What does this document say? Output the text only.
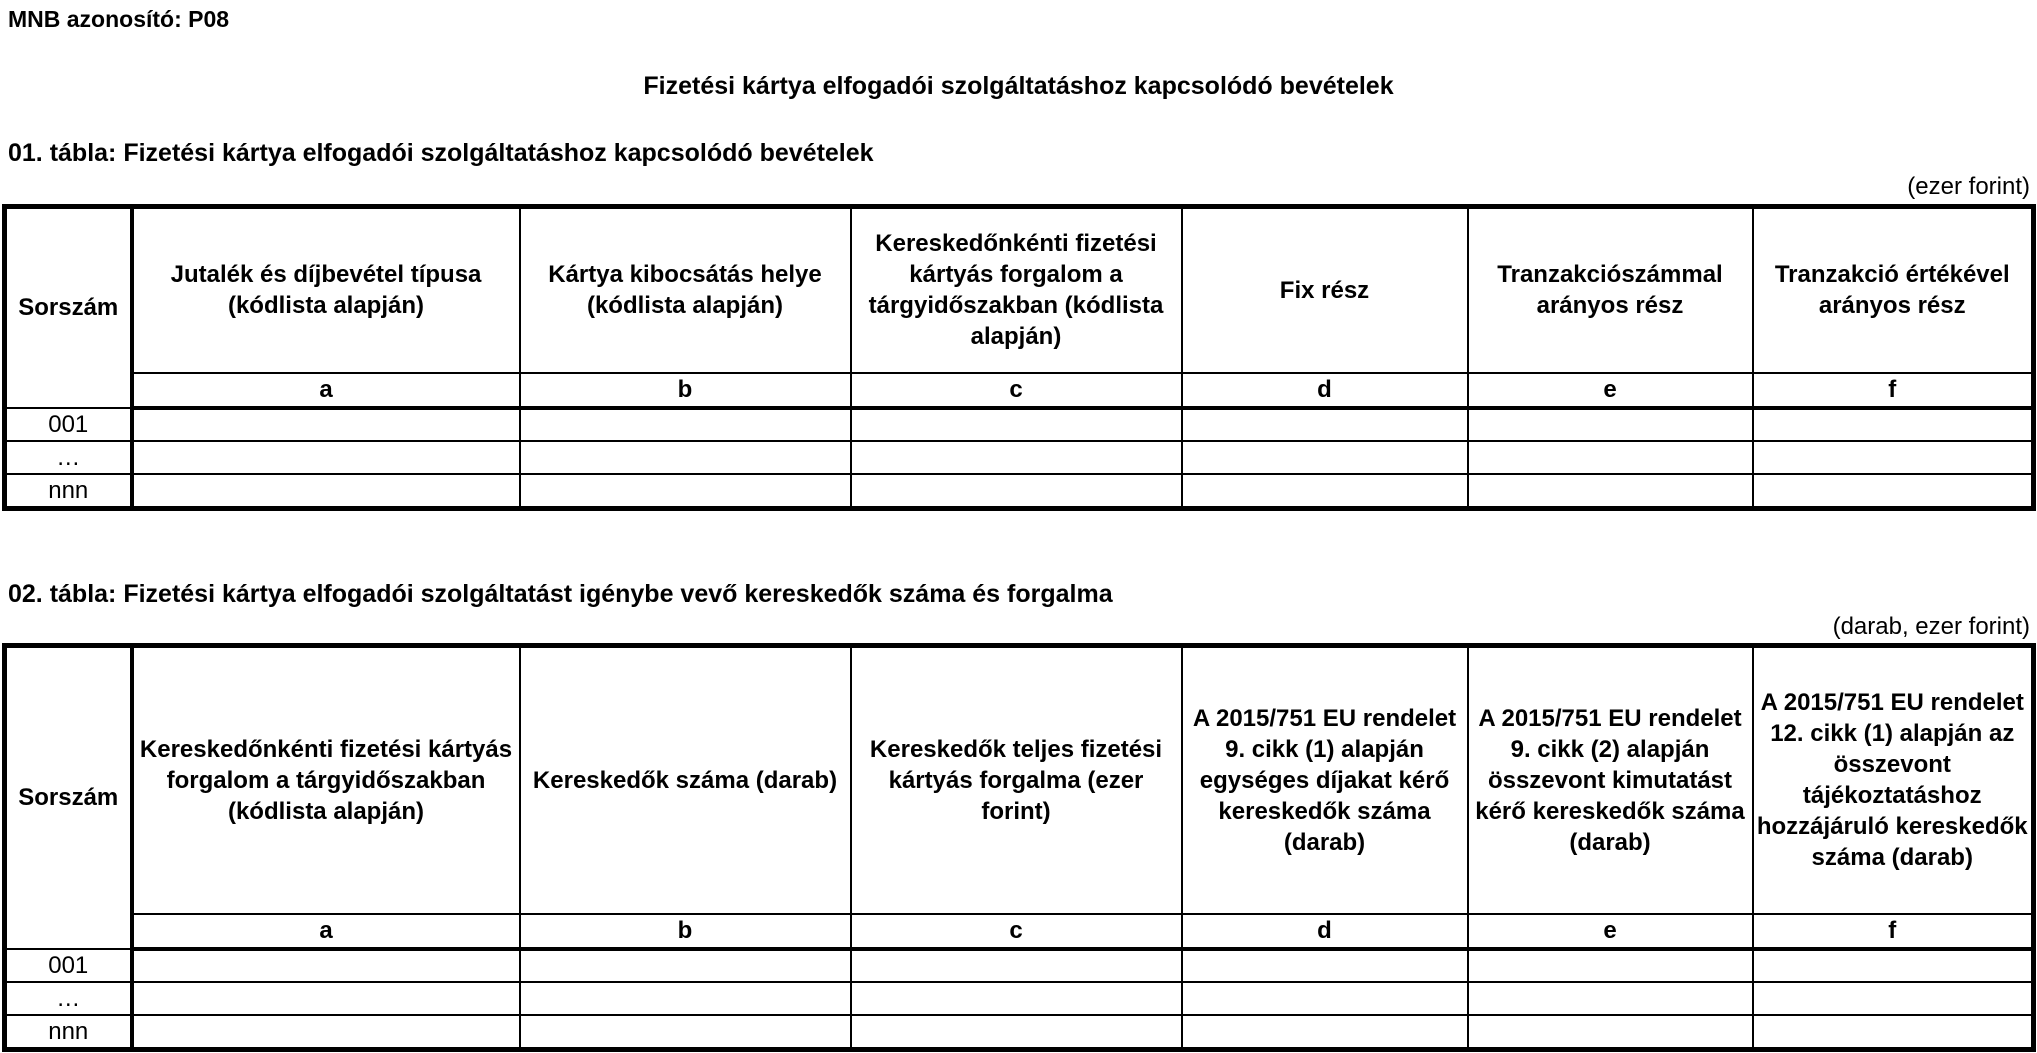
MNB azonosító: P08
Fizetési kártya elfogadói szolgáltatáshoz kapcsolódó bevételek
01. tábla: Fizetési kártya elfogadói szolgáltatáshoz kapcsolódó bevételek
(ezer forint)
Sorszám	Jutalék és díjbevétel típusa (kódlista alapján)	Kártya kibocsátás helye (kódlista alapján)	Kereskedőnkénti fizetési kártyás forgalom a tárgyidőszakban (kódlista alapján)	Fix rész	Tranzakciószámmal arányos rész	Tranzakció értékével arányos rész
	a	b	c	d	e	f
001						
…						
nnn						
02. tábla: Fizetési kártya elfogadói szolgáltatást igénybe vevő kereskedők száma és forgalma
(darab, ezer forint)
Sorszám	Kereskedőnkénti fizetési kártyás forgalom a tárgyidőszakban (kódlista alapján)	Kereskedők száma (darab)	Kereskedők teljes fizetési kártyás forgalma (ezer forint)	A 2015/751 EU rendelet 9. cikk (1) alapján egységes díjakat kérő kereskedők száma (darab)	A 2015/751 EU rendelet 9. cikk (2) alapján összevont kimutatást kérő kereskedők száma (darab)	A 2015/751 EU rendelet 12. cikk (1) alapján az összevont tájékoztatáshoz hozzájáruló kereskedők száma (darab)
	a	b	c	d	e	f
001						
…						
nnn						
